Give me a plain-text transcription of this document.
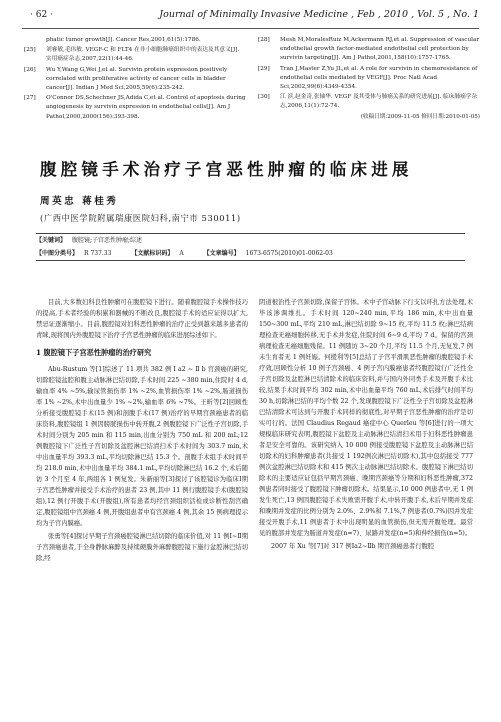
· 62 ·	Journal of Minimally Invasive Medicine , Feb , 2010 , Vol. 5 , No. 1
phatic tumor growth[J]. Cancer Res,2001,61(5):1786.
[25] 刘睿敏,毛伟敏. VEGF-C 和 FLT4 在非小细胞肺癌组织中的表达及其意义[J]. 实用癌症杂志,2007,22(1):44-46.
[26] Wu Y,Wang G,Wei J,et al. Survivin protein expression positively correlated with proliferative activity of cancer cells in bladder cancer[J]. Indian J Med Sci,2005,59(6):235-242.
[27] O'Connor DS,Schechner JS,Adida C,et al. Control of apoptosis during angiogenesis by survivin expression in endothelial cells[J]. Am J Pathol,2000,2000(156):393-398.
[28] Mesh M,MoralesRuiz M,Ackermann RJ,et al. Suppression of vascular endothelial growth factor-mediated endothelial cell protection by survivin targeting[J]. Am J Pathol,2001,158(10):1757-1765.
[29] Tran J,Master Z,Yu JL,et al. A role for survivin in chemoresistance of endothelial cells mediated by VEGF[J]. Proc Natl Acad Sci,2002,99(6):4349-4354.
[30] 江 滨,赵金奇,张轴华. VEGF 及其受体与肺癌关系的研究进展[J]. 临床肺癌学杂志,2006,11(1):72-74.
(收稿日期:2009-11-05 修回日期:2010-01-05)
腹腔镜手术治疗子宫恶性肿瘤的临床进展
周英忠 蒋桂秀
(广西中医学院附属瑞康医院妇科,南宁市 530011)
【关键词】 腹腔镜;子宫恶性肿瘤;综述
【中图分类号】 R 737.33	【文献标识码】 A	【文章编号】 1673-6575(2010)01-0062-03

目前,大多数妇科良性肿瘤可在腹腔镜下进行。随着腹腔镜手术操作技巧的提高,手术者经验的积累和器械的不断改良,腹腔镜手术的适应证得以扩大,禁忌证逐渐缩小。目前,腹腔镜对妇科恶性肿瘤的治疗正受到越来越多患者的青睐,现将国内外腹腔镜下治疗子宫恶性肿瘤的临床进展综述如下。

1 腹腔镜下子宫恶性肿瘤的治疗研究

Abu-Rustum 等[1]综述了 11 项共 382 例 Ⅰ a2 ~ Ⅱ b 宫颈癌的研究,切除腔镜盆腔和腹主动脉淋巴结切除,手术时间 225 ~380 min,住院时 4 d,输血率 4% ~5%,输尿管损伤率 1% ~2%,血管损伤率 1% ~2%,肠道损伤率 1% ~2%,术中出血量少 1% ~2%,输血率 6% ~7%。王昕等[2]回顾性分析接受腹腔镜手术(15 例)和剖腹手术(17 例)治疗的早期宫颈癌患者的临床资料,腹腔镜组 1 例因膀胱损伤中转开腹,2 例腹腔镜下广泛性子宫切除,手术时间分别为 205 min 和 115 min,出血分别为 750 mL 和 200 mL;12 例腹腔镜下广泛性子宫切除及盆腔淋巴结清扫术手术时间为 303.7 min,术中出血量平均 393.3 mL,平均切除淋巴结 15.3 个。剖腹手术组手术时间平均 218.0 min,术中出血量平均 384.1 mL,平均切除淋巴结 16.2 个,术后随访 3 个月至 4 年,两组各 1 例复发。朱新丽等[3]探讨了该腔镜诊为临床Ⅰ期子宫恶性肿瘤并接受手术治疗的患者 23 例,其中 11 例行腹腔镜手术(腹腔镜组),12 例行开腹手术(开腹组),所有患者均经宫颈组织活检或诊断性刮宫确定,腹腔镜组中宫颈癌 4 例,开腹组患者中有宫颈癌 4 例,其余 15 例病理提示均为子宫内膜癌。

张勇等[4]探讨早期子宫颈癌腔镜淋巴结切除的临床价值,对 11 例Ⅰ~Ⅱ期子宫颈癌患者,于全身静脉麻醉及持续硬膜外麻醉腹腔镜下施行盆腔淋巴结切除,经

阴道根治性子宫颈切除,保留子宫体。术中子宫动脉下行支以环扎方法处理,术毕该渗调维扎。手术时间 120~240 min,平均 186 min,术中出血量 150~300 mL,平均 210 mL,淋巴结切除 9~15 枚,平均 11.5 枚;淋巴结病理检查无癌细胞转移,无手术并发症,住院时间 6~9 d,平均 7 d。保留的宫颈病理检查无癌细胞残留。11 例随访 3~20 个月,平均 11.5 个月,无复发,7 例未生育者无 1 例妊娠。何援利等[5]总结了子宫平滑肌恶性肿瘤的腹腔镜手术疗效,回顾性分析 10 例子宫颈癌、4 例子宫内膜癌患者经腹腔镜行广泛性全子宫切除及盆腔淋巴结清除术的临床资料,并与国内外同类手术及开腹手术比较,结果手术时间平均 302 min,术中出血量平均 760 mL,术后排气时间平均 30 h,切除淋巴结的平均个数 22 个,发现腹腔镜下广泛性全子宫切除及盆腔淋巴结清除术可达到与开腹手术同样的彻底性,对早期子宫恶性肿瘤的治疗是切实可行的。法国 Claudius Regaud 癌症中心 Querleu 等[6]进行的一项大规模临床研究表明,腹腔镜下盆腔及主动脉淋巴结清扫术用于妇科恶性肿瘤患者是安全可靠的。该研究纳入 10 000 例接受腹腔镜下盆腔及主动脉淋巴结切除术的妇科肿瘤患者(共接受 1 192例次淋巴结切除术),其中包括接受 777 例次盆腔淋巴结切除术和 415 例次主动脉淋巴结切除术。腹腔镜下淋巴结切除术的主要适应证包括早期宫颈癌、晚期宫颈癌等分期和妇科恶性肿瘤,372 例患者同时接受了腹腔镜下肿瘤切除术。结果显示,10 000 例患者中,无 1 例发生死亡,13 例因腹腔镜手术失败需开腹手术,中转开腹手术,术后早期并发症和晚期并发症的比例分别为 2.0%、2.9%和 7.1%,7 例患者(0.7%)因并发症接受开腹手术,11 例患者于术中出现明显的血管损伤,但无需开腹处理。最常见的腹部并发症为肠道并发症(n=7)、尿路并发症(n=5)和伸经损伤(n=5)。

2007 年 Xu 等[7]对 317 例Ⅰa2~Ⅱb 期宫颈癌患者行腹腔
